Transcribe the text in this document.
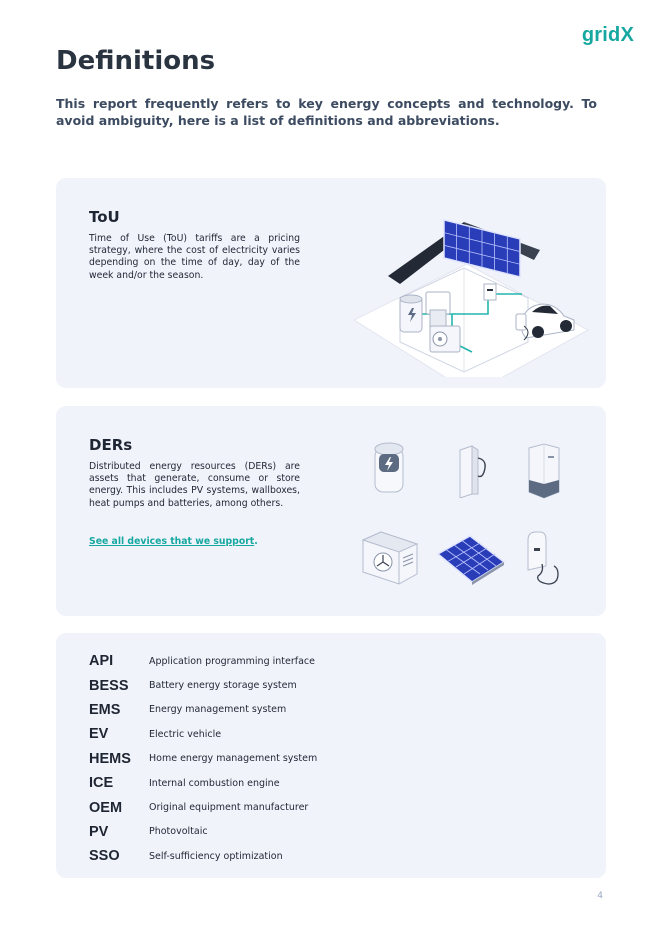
gridX
Definitions

This report frequently refers to key energy concepts and technology. To avoid ambiguity, here is a list of definitions and abbreviations.

ToU

Time of Use (ToU) tariffs are a pricing strategy, where the cost of electricity varies depending on the time of day, day of the week and/or the season.

DERs

Distributed energy resources (DERs) are assets that generate, consume or store energy. This includes PV systems, wallboxes, heat pumps and batteries, among others.

See all devices that we support.
API	Application programming interface
BESS	Battery energy storage system
EMS	Energy management system
EV	Electric vehicle
HEMS	Home energy management system
ICE	Internal combustion engine
OEM	Original equipment manufacturer
PV	Photovoltaic
SSO	Self-sufficiency optimization
4
